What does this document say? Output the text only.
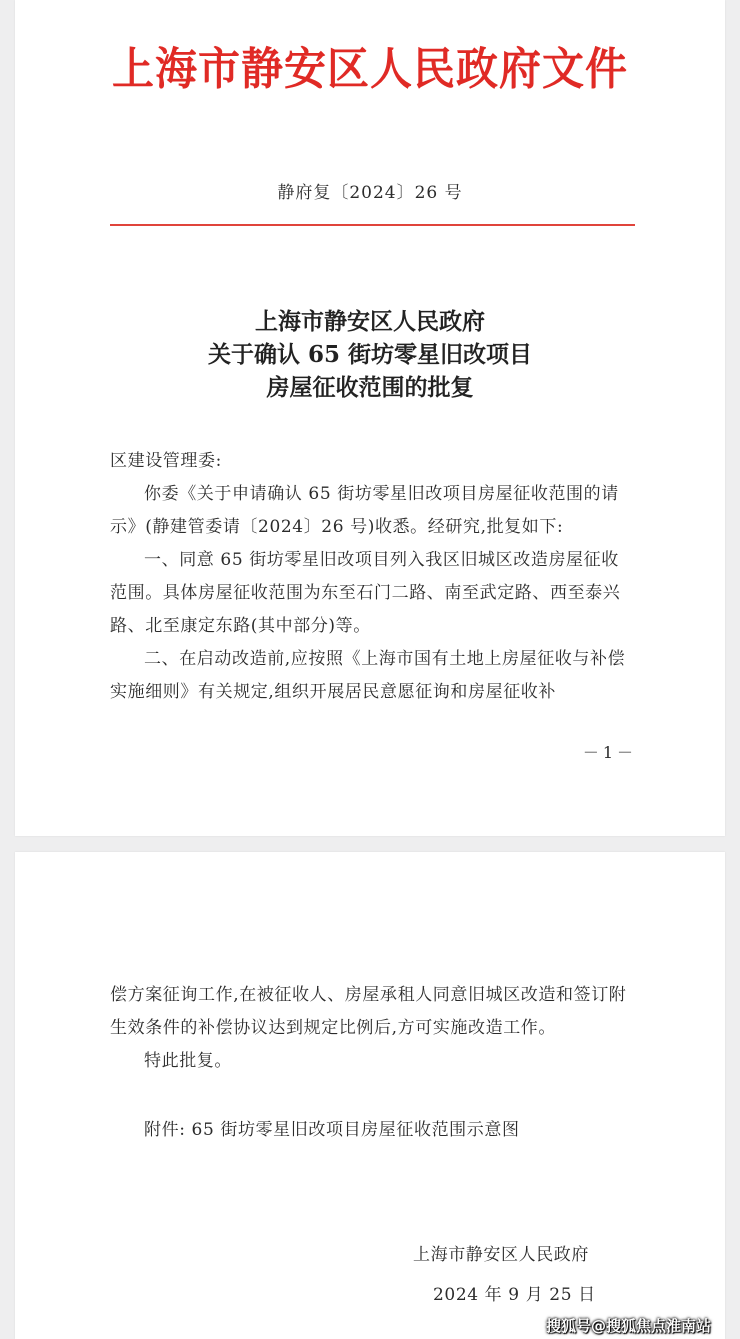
上海市静安区人民政府文件
静府复〔2024〕26 号
上海市静安区人民政府
关于确认 65 街坊零星旧改项目
房屋征收范围的批复
区建设管理委:

你委《关于申请确认 65 街坊零星旧改项目房屋征收范围的请示》(静建管委请〔2024〕26 号)收悉。经研究,批复如下:

一、同意 65 街坊零星旧改项目列入我区旧城区改造房屋征收范围。具体房屋征收范围为东至石门二路、南至武定路、西至泰兴路、北至康定东路(其中部分)等。

二、在启动改造前,应按照《上海市国有土地上房屋征收与补偿实施细则》有关规定,组织开展居民意愿征询和房屋征收补

－1－

偿方案征询工作,在被征收人、房屋承租人同意旧城区改造和签订附生效条件的补偿协议达到规定比例后,方可实施改造工作。

特此批复。

附件: 65 街坊零星旧改项目房屋征收范围示意图
上海市静安区人民政府
2024 年 9 月 25 日
搜狐号@搜狐焦点淮南站
